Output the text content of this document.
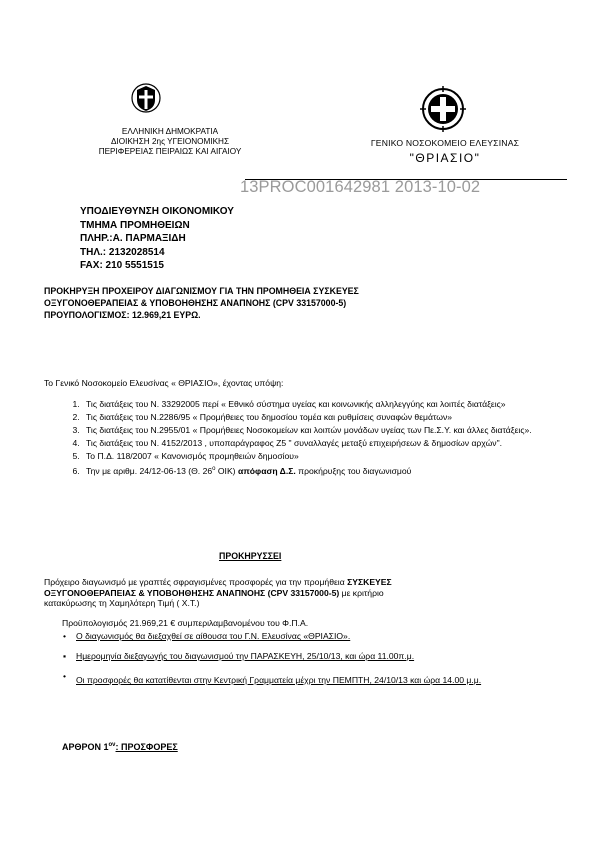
ΕΛΛΗΝΙΚΗ ΔΗΜΟΚΡΑΤΙΑ
ΔΙΟΙΚΗΣΗ 2ης ΥΓΕΙΟΝΟΜΙΚΗΣ
ΠΕΡΙΦΕΡΕΙΑΣ ΠΕΙΡΑΙΩΣ ΚΑΙ ΑΙΓΑΙΟΥ
ΓΕΝΙΚΟ ΝΟΣΟΚΟΜΕΙΟ ΕΛΕΥΣΙΝΑΣ
"ΘΡΙΑΣΙΟ"
13PROC001642981 2013-10-02
ΥΠΟΔΙΕΥΘΥΝΣΗ ΟΙΚΟΝΟΜΙΚΟΥ
ΤΜΗΜΑ ΠΡΟΜΗΘΕΙΩΝ
ΠΛΗΡ.:Α. ΠΑΡΜΑΞΙΔΗ
ΤΗΛ.: 2132028514
FAX: 210 5551515
ΠΡΟΚΗΡΥΞΗ ΠΡΟΧΕΙΡΟΥ ΔΙΑΓΩΝΙΣΜΟΥ ΓΙΑ ΤΗΝ ΠΡΟΜΗΘΕΙΑ ΣΥΣΚΕΥΕΣ
ΟΞΥΓΟΝΟΘΕΡΑΠΕΙΑΣ & ΥΠΟΒΟΗΘΗΣΗΣ ΑΝΑΠΝΟΗΣ (CPV 33157000-5)
ΠΡΟΥΠΟΛΟΓΙΣΜΟΣ: 12.969,21 ΕΥΡΩ.
Το Γενικό Νοσοκομείο Ελευσίνας « ΘΡΙΑΣΙΟ», έχοντας υπόψη:
1. Τις διατάξεις του Ν. 33292005 περί « Εθνικό σύστημα υγείας και κοινωνικής αλληλεγγύης και λοιπές διατάξεις»
2. Τις διατάξεις του Ν.2286/95 « Προμήθειες του δημοσίου τομέα και ρυθμίσεις συναφών θεμάτων»
3. Τις διατάξεις του Ν.2955/01 « Προμήθειες Νοσοκομείων και λοιπών μονάδων υγείας των Πε.Σ.Υ. και άλλες διατάξεις».
4. Τις διατάξεις του Ν. 4152/2013 , υποπαράγραφος Ζ5 " συναλλαγές μεταξύ επιχειρήσεων & δημοσίων αρχών".
5. Το Π.Δ. 118/2007 « Κανονισμός προμηθειών δημοσίου»
6. Την με αριθμ. 24/12-06-13 (Θ. $26^o$ ΟΙΚ) απόφαση Δ.Σ. προκήρυξης του διαγωνισμού
ΠΡΟΚΗΡΥΣΣΕΙ
Πρόχειρο διαγωνισμό με γραπτές σφραγισμένες προσφορές για την προμήθεια ΣΥΣΚΕΥΕΣ
ΟΞΥΓΟΝΟΘΕΡΑΠΕΙΑΣ & ΥΠΟΒΟΗΘΗΣΗΣ ΑΝΑΠΝΟΗΣ (CPV 33157000-5) με κριτήριο
κατακύρωσης τη Χαμηλότερη Τιμή ( Χ.Τ.)
Προϋπολογισμός 21.969,21 € συμπεριλαμβανομένου του Φ.Π.Α.
• Ο διαγωνισμός θα διεξαχθεί σε αίθουσα του Γ.Ν. Ελευσίνας «ΘΡΙΑΣΙΟ».
▪ Ημερομηνία διεξαγωγής του διαγωνισμού την ΠΑΡΑΣΚΕΥΗ, 25/10/13, και ώρα 11.00π.μ.
• Οι προσφορές θα κατατίθενται στην Κεντρική Γραμματεία μέχρι την ΠΕΜΠΤΗ, 24/10/13 και ώρα 14.00 μ.μ.
ΑΡΘΡΟΝ $1^{o\nu}$: ΠΡΟΣΦΟΡΕΣ
